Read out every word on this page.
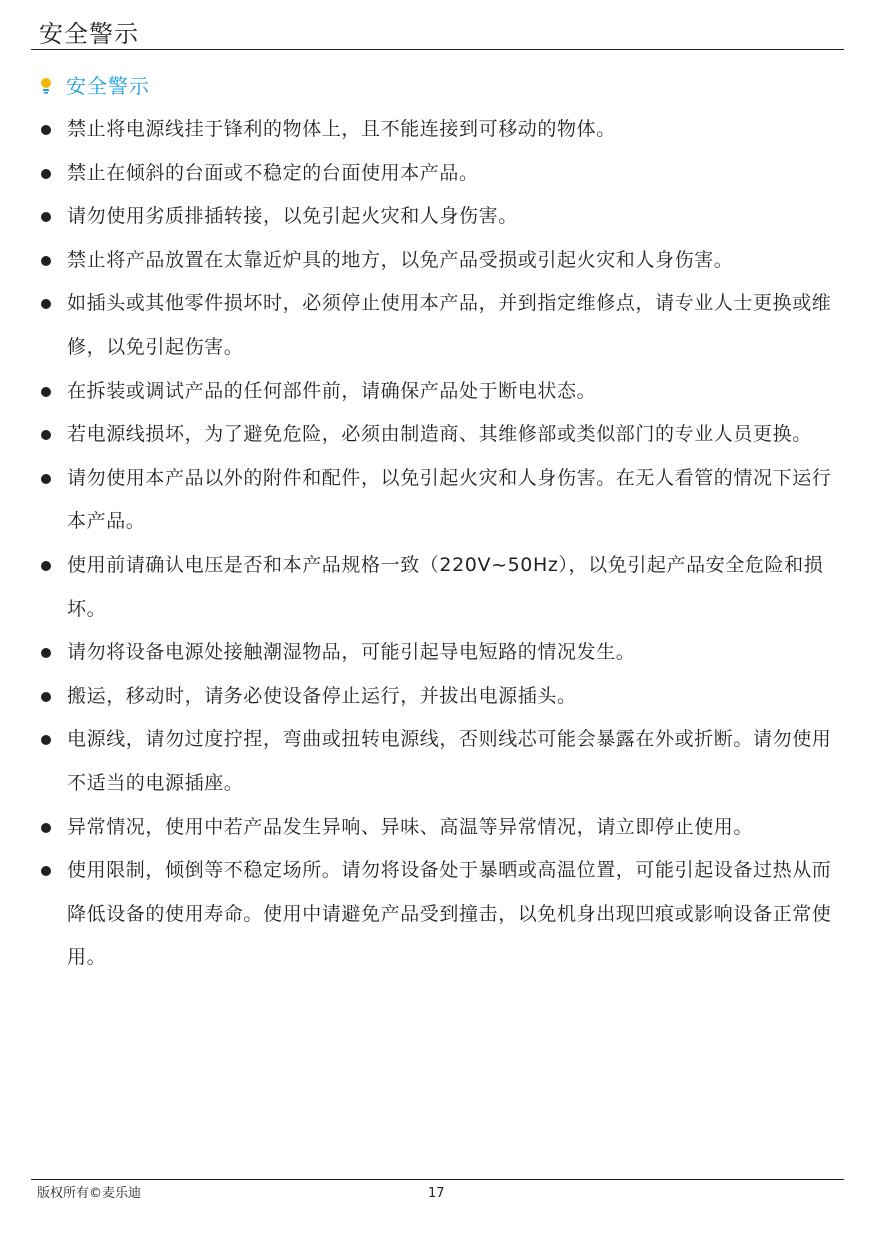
安全警示
安全警示
禁止将电源线挂于锋利的物体上，且不能连接到可移动的物体。
禁止在倾斜的台面或不稳定的台面使用本产品。
请勿使用劣质排插转接，以免引起火灾和人身伤害。
禁止将产品放置在太靠近炉具的地方，以免产品受损或引起火灾和人身伤害。
如插头或其他零件损坏时，必须停止使用本产品，并到指定维修点，请专业人士更换或维修，以免引起伤害。
在拆装或调试产品的任何部件前，请确保产品处于断电状态。
若电源线损坏，为了避免危险，必须由制造商、其维修部或类似部门的专业人员更换。
请勿使用本产品以外的附件和配件，以免引起火灾和人身伤害。在无人看管的情况下运行本产品。
使用前请确认电压是否和本产品规格一致（220V~50Hz），以免引起产品安全危险和损坏。
请勿将设备电源处接触潮湿物品，可能引起导电短路的情况发生。
搬运，移动时，请务必使设备停止运行，并拔出电源插头。
电源线，请勿过度拧捏，弯曲或扭转电源线，否则线芯可能会暴露在外或折断。请勿使用不适当的电源插座。
异常情况，使用中若产品发生异响、异味、高温等异常情况，请立即停止使用。
使用限制，倾倒等不稳定场所。请勿将设备处于暴晒或高温位置，可能引起设备过热从而降低设备的使用寿命。使用中请避免产品受到撞击，以免机身出现凹痕或影响设备正常使用。
版权所有©麦乐迪	17
